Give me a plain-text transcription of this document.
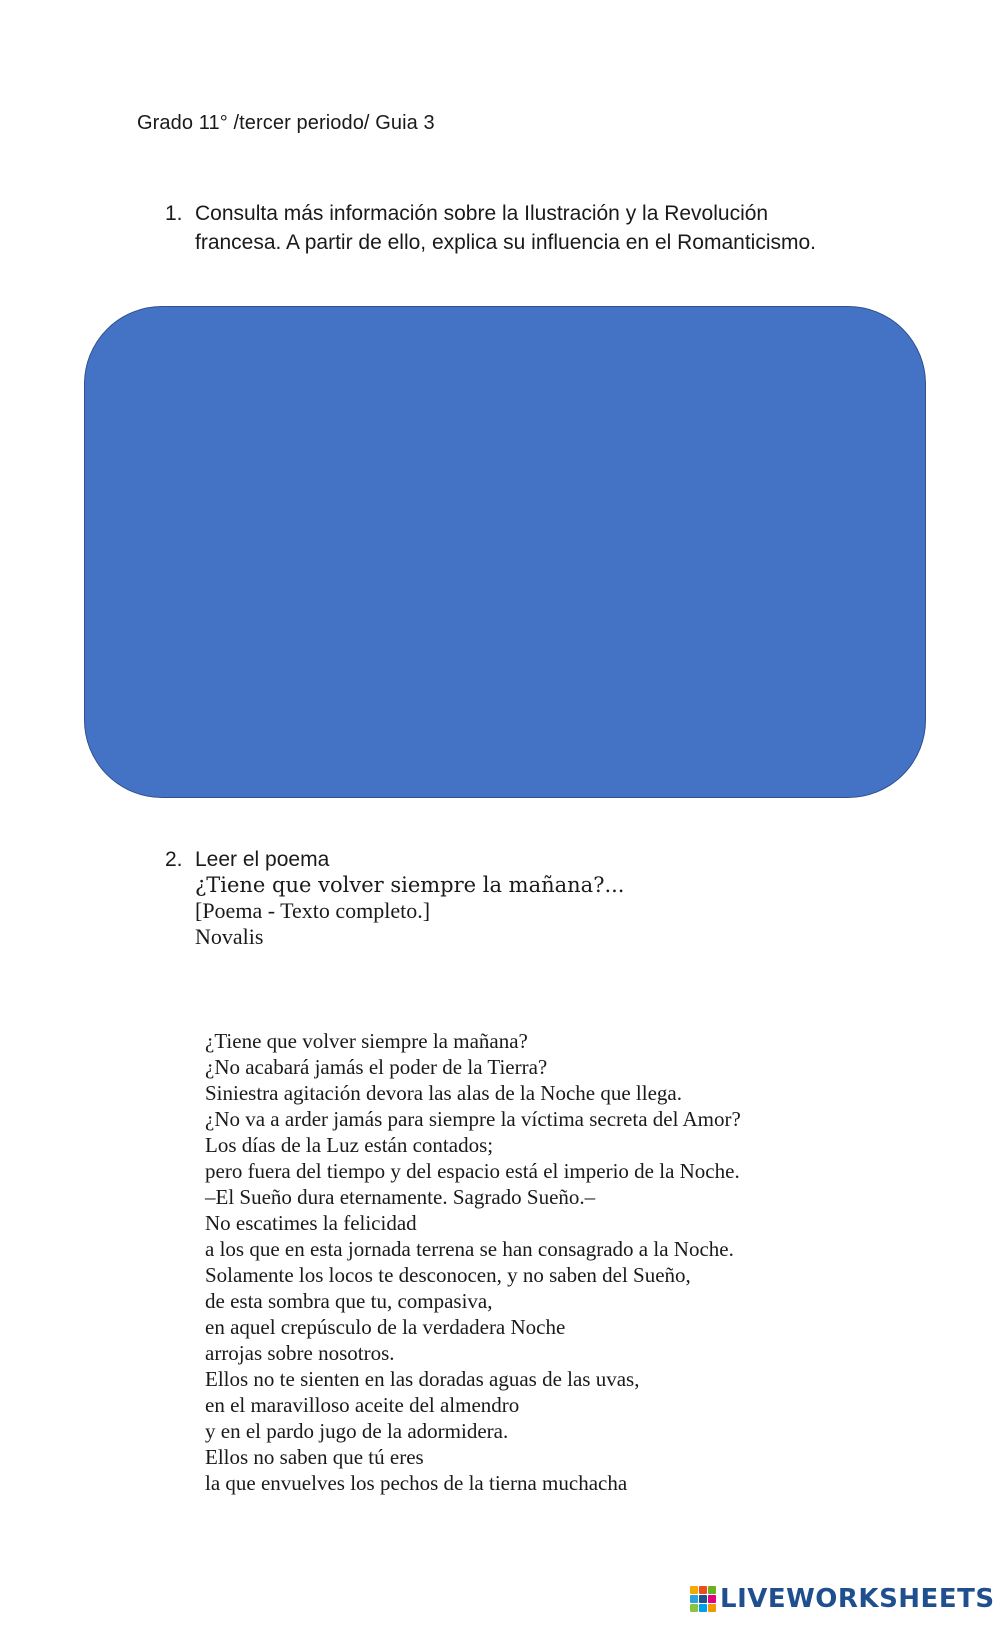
Grado 11° /tercer periodo/ Guia 3
1. Consulta más información sobre la Ilustración y la Revolución
francesa. A partir de ello, explica su influencia en el Romanticismo.
2. Leer el poema
¿Tiene que volver siempre la mañana?...
[Poema - Texto completo.]
Novalis
¿Tiene que volver siempre la mañana?
¿No acabará jamás el poder de la Tierra?
Siniestra agitación devora las alas de la Noche que llega.
¿No va a arder jamás para siempre la víctima secreta del Amor?
Los días de la Luz están contados;
pero fuera del tiempo y del espacio está el imperio de la Noche.
–El Sueño dura eternamente. Sagrado Sueño.–
No escatimes la felicidad
a los que en esta jornada terrena se han consagrado a la Noche.
Solamente los locos te desconocen, y no saben del Sueño,
de esta sombra que tu, compasiva,
en aquel crepúsculo de la verdadera Noche
arrojas sobre nosotros.
Ellos no te sienten en las doradas aguas de las uvas,
en el maravilloso aceite del almendro
y en el pardo jugo de la adormidera.
Ellos no saben que tú eres
la que envuelves los pechos de la tierna muchacha
LIVEWORKSHEETS
